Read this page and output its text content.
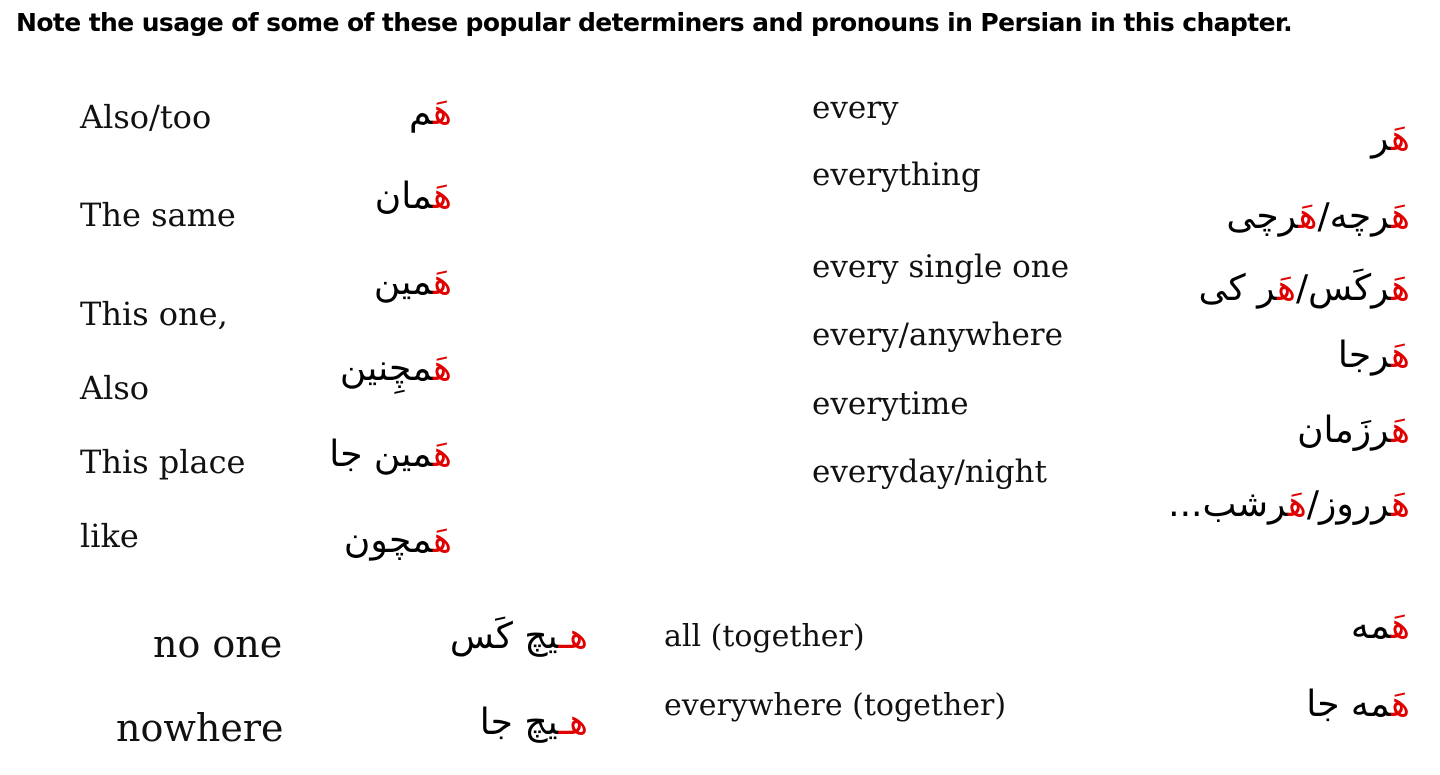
Note the usage of some of these popular determiners and pronouns in Persian in this chapter.
Also/too
The same
This one,
Also
This place
like
هَم
هَمان
هَمین
هَمچِنین
هَمین جا
هَمچون
every
everything
every single one
every/anywhere
everytime
everyday/night
هَر
هَرچه/هَرچی
هَرکَس/هَر کی
هَرجا
هَرزَمان
هَرروز/هَرشب...
no one
nowhere
هـیچ کَس
هـیچ جا
all (together)
everywhere (together)
هَمه
هَمه جا
